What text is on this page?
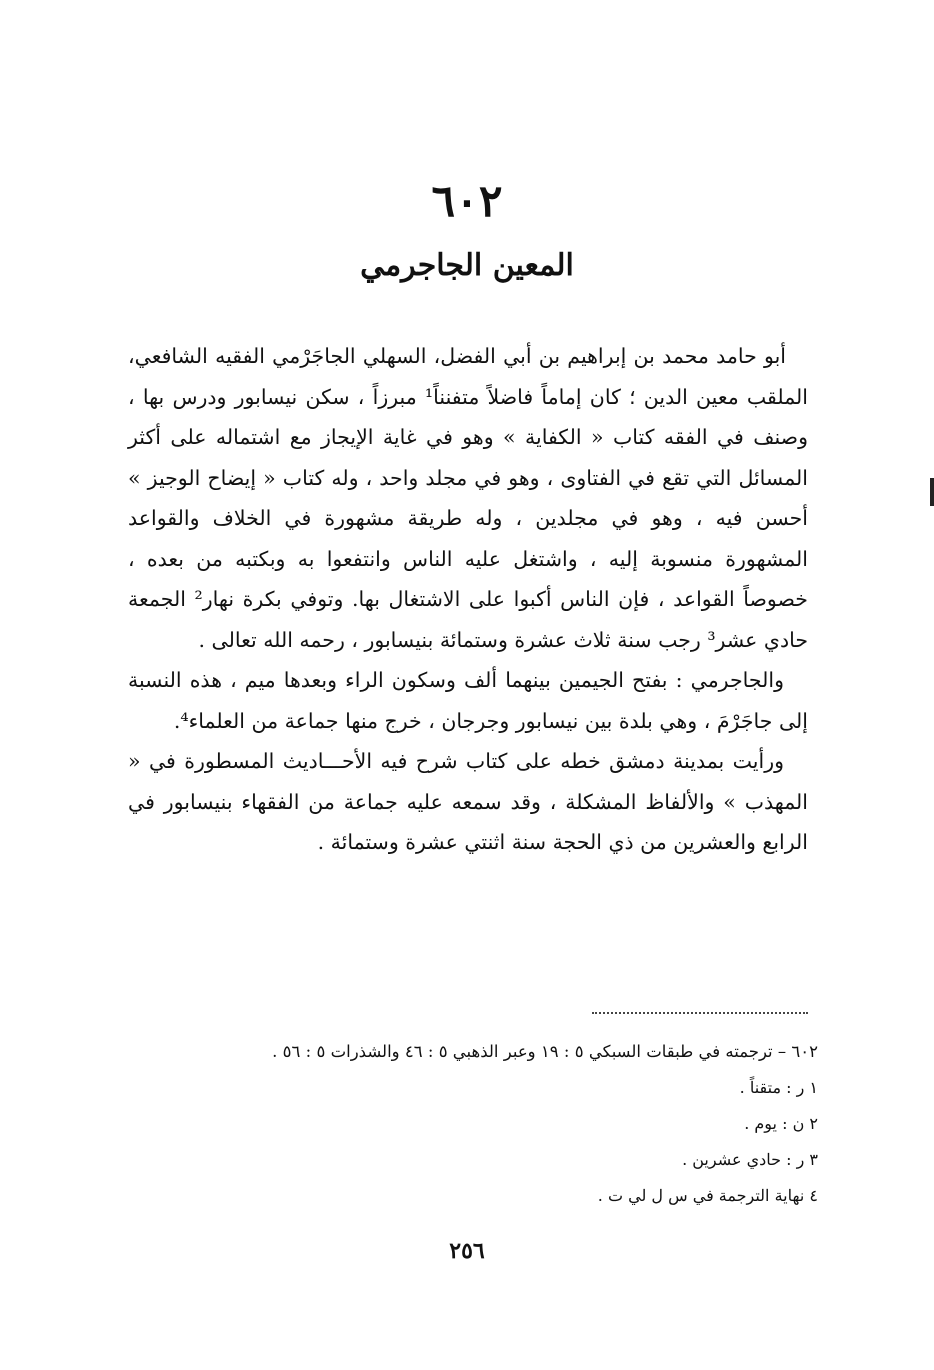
٦٠٢
المعين الجاجرمي

أبو حامد محمد بن إبراهيم بن أبي الفضل، السهلي الجاجَرْمي الفقيه الشافعي، الملقب معين الدين ؛ كان إماماً فاضلاً متفنناً¹ مبرزاً ، سكن نيسابور ودرس بها ، وصنف في الفقه كتاب « الكفاية » وهو في غاية الإيجاز مع اشتماله على أكثر المسائل التي تقع في الفتاوى ، وهو في مجلد واحد ، وله كتاب « إيضاح الوجيز » أحسن فيه ، وهو في مجلدين ، وله طريقة مشهورة في الخلاف والقواعد المشهورة منسوبة إليه ، واشتغل عليه الناس وانتفعوا به وبكتبه من بعده ، خصوصاً القواعد ، فإن الناس أكبوا على الاشتغال بها. وتوفي بكرة نهار² الجمعة حادي عشر³ رجب سنة ثلاث عشرة وستمائة بنيسابور ، رحمه الله تعالى .

والجاجرمي : بفتح الجيمين بينهما ألف وسكون الراء وبعدها ميم ، هذه النسبة إلى جاجَرْمَ ، وهي بلدة بين نيسابور وجرجان ، خرج منها جماعة من العلماء⁴.

ورأيت بمدينة دمشق خطه على كتاب شرح فيه الأحـــاديث المسطورة في « المهذب » والألفاظ المشكلة ، وقد سمعه عليه جماعة من الفقهاء بنيسابور في الرابع والعشرين من ذي الحجة سنة اثنتي عشرة وستمائة .

٦٠٢ – ترجمته في طبقات السبكي ٥ : ١٩ وعبر الذهبي ٥ : ٤٦ والشذرات ٥ : ٥٦ .
١ ر : متقناً .
٢ ن : يوم .
٣ ر : حادي عشرين .
٤ نهاية الترجمة في س ل لي ت .
٢٥٦
